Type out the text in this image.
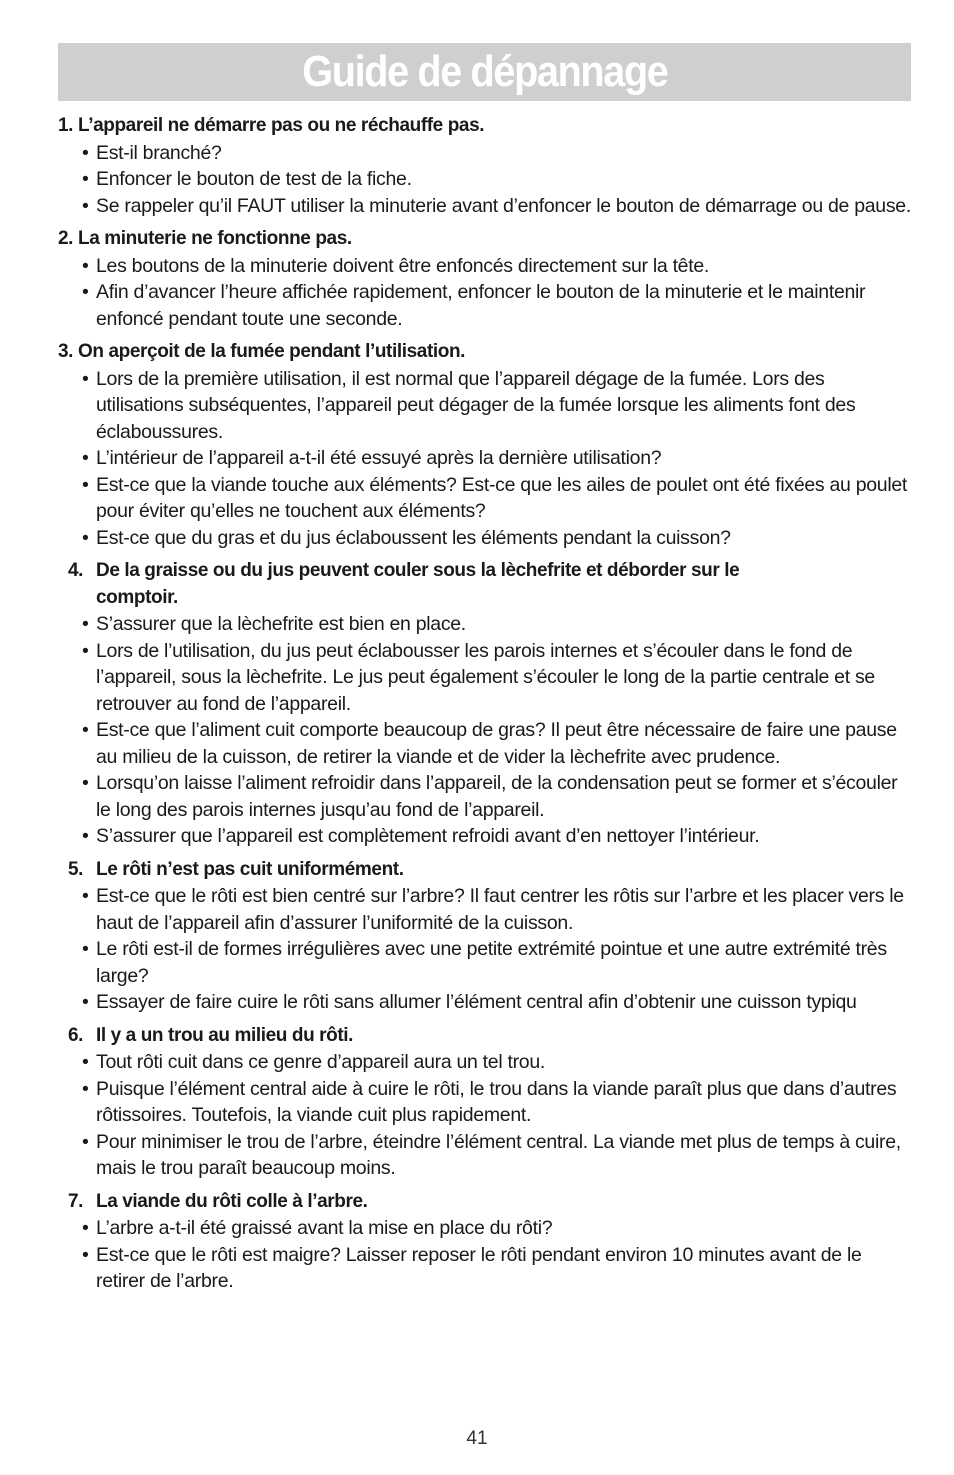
Guide de dépannage
1. L’appareil ne démarre pas ou ne réchauffe pas.
• Est-il branché?
• Enfoncer le bouton de test de la fiche.
• Se rappeler qu’il FAUT utiliser la minuterie avant d’enfoncer le bouton de démarrage ou de pause.
2. La minuterie ne fonctionne pas.
• Les boutons de la minuterie doivent être enfoncés directement sur la tête.
• Afin d’avancer l’heure affichée rapidement, enfoncer le bouton de la minuterie et le maintenir enfoncé pendant toute une seconde.
3. On aperçoit de la fumée pendant l’utilisation.
• Lors de la première utilisation, il est normal que l’appareil dégage de la fumée. Lors des utilisations subséquentes, l’appareil peut dégager de la fumée lorsque les aliments font des éclaboussures.
• L’intérieur de l’appareil a-t-il été essuyé après la dernière utilisation?
• Est-ce que la viande touche aux éléments? Est-ce que les ailes de poulet ont été fixées au poulet pour éviter qu’elles ne touchent aux éléments?
• Est-ce que du gras et du jus éclaboussent les éléments pendant la cuisson?
4. De la graisse ou du jus peuvent couler sous la lèchefrite et déborder sur le comptoir.
• S’assurer que la lèchefrite est bien en place.
• Lors de l’utilisation, du jus peut éclabousser les parois internes et s’écouler dans le fond de l’appareil, sous la lèchefrite. Le jus peut également s’écouler le long de la partie centrale et se retrouver au fond de l’appareil.
• Est-ce que l’aliment cuit comporte beaucoup de gras? Il peut être nécessaire de faire une pause au milieu de la cuisson, de retirer la viande et de vider la lèchefrite avec prudence.
• Lorsqu’on laisse l’aliment refroidir dans l’appareil, de la condensation peut se former et s’écouler le long des parois internes jusqu’au fond de l’appareil.
• S’assurer que l’appareil est complètement refroidi avant d’en nettoyer l’intérieur.
5. Le rôti n’est pas cuit uniformément.
• Est-ce que le rôti est bien centré sur l’arbre? Il faut centrer les rôtis sur l’arbre et les placer vers le haut de l’appareil afin d’assurer l’uniformité de la cuisson.
• Le rôti est-il de formes irrégulières avec une petite extrémité pointue et une autre extrémité très large?
• Essayer de faire cuire le rôti sans allumer l’élément central afin d’obtenir une cuisson typiqu
6. Il y a un trou au milieu du rôti.
• Tout rôti cuit dans ce genre d’appareil aura un tel trou.
• Puisque l’élément central aide à cuire le rôti, le trou dans la viande paraît plus que dans d’autres rôtissoires. Toutefois, la viande cuit plus rapidement.
• Pour minimiser le trou de l’arbre, éteindre l’élément central. La viande met plus de temps à cuire, mais le trou paraît beaucoup moins.
7. La viande du rôti colle à l’arbre.
• L’arbre a-t-il été graissé avant la mise en place du rôti?
• Est-ce que le rôti est maigre? Laisser reposer le rôti pendant environ 10 minutes avant de le retirer de l’arbre.
41
